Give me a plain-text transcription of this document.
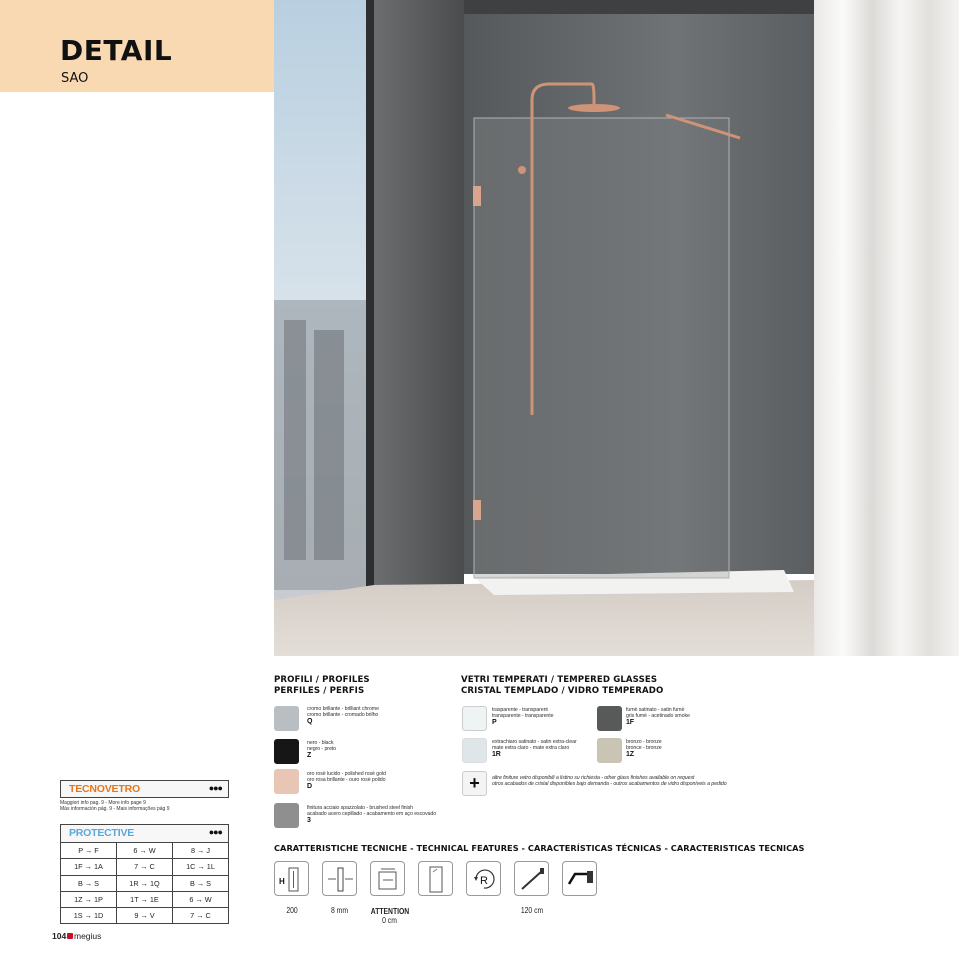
DETAIL
SAO
PROFILI / PROFILES
PERFILES / PERFIS
cromo brillante - brilliant chrome
cromo brillante - cromado brilho
Q
nero - black
negro - preto
Z
oro rosè lucido - polished rosè gold
oro rosa brillante - ouro rosè polido
D
finitura acciaio spazzolato - brushed steel finish
acabado acero cepillado - acabamento em aço escovado
3
VETRI TEMPERATI / TEMPERED GLASSES
CRISTAL TEMPLADO / VIDRO TEMPERADO
trasparente - transparent
transparente - transparente
P
fumè satinato - satin fumè
gris fumè - acetinado smoke
1F
extrachiaro satinato - satin extra-clear
mate extra claro - mate extra claro
1R
bronzo - bronze
bronce - bronze
1Z
+	altre finiture vetro disponibili a listino su richiesta - other glass finishes available on request
otros acabados de cristal disponibles bajo demanda - outros acabamentos de vidro disponíveis a pedido
TECNOVETRO	●●●
Maggiori info pag. 9 - More info page 9
Más información pág. 9 - Mais informações pág 9
PROTECTIVE	●●●
P → F	6 → W	8 → J
1F → 1A	7 → C	1C → 1L
B → S	1R → 1Q	B → S
1Z → 1P	1T → 1E	6 → W
1S → 1D	9 → V	7 → C
CARATTERISTICHE TECNICHE - TECHNICAL FEATURES - CARACTERÍSTICAS TÉCNICAS - CARACTERISTICAS TECNICAS
H	R
200	8 mm	ATTENTION
0 cm
120 cm
104 megius
